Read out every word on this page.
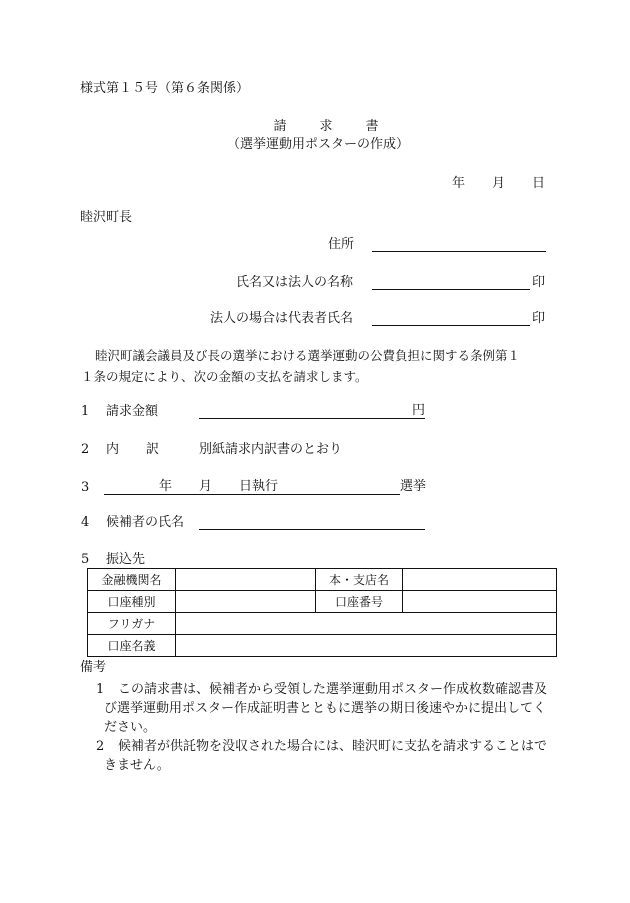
様式第１５号（第６条関係）
請	求	書
（選挙運動用ポスターの作成）
年 月 日
睦沢町長
住所
氏名又は法人の名称	印
法人の場合は代表者氏名	印
睦沢町議会議員及び長の選挙における選挙運動の公費負担に関する条例第１
１条の規定により、次の金額の支払を請求します。
1 請求金額	円
2 内 訳	別紙請求内訳書のとおり
3	年 月 日執行	選挙
4 候補者の氏名
5 振込先
金融機関名		本・支店名	
口座種別		口座番号	
フリガナ			
口座名義			
備考
1	この請求書は、候補者から受領した選挙運動用ポスター作成枚数確認書及び選挙運動用ポスター作成証明書とともに選挙の期日後速やかに提出してください。
2	候補者が供託物を没収された場合には、睦沢町に支払を請求することはできません。
